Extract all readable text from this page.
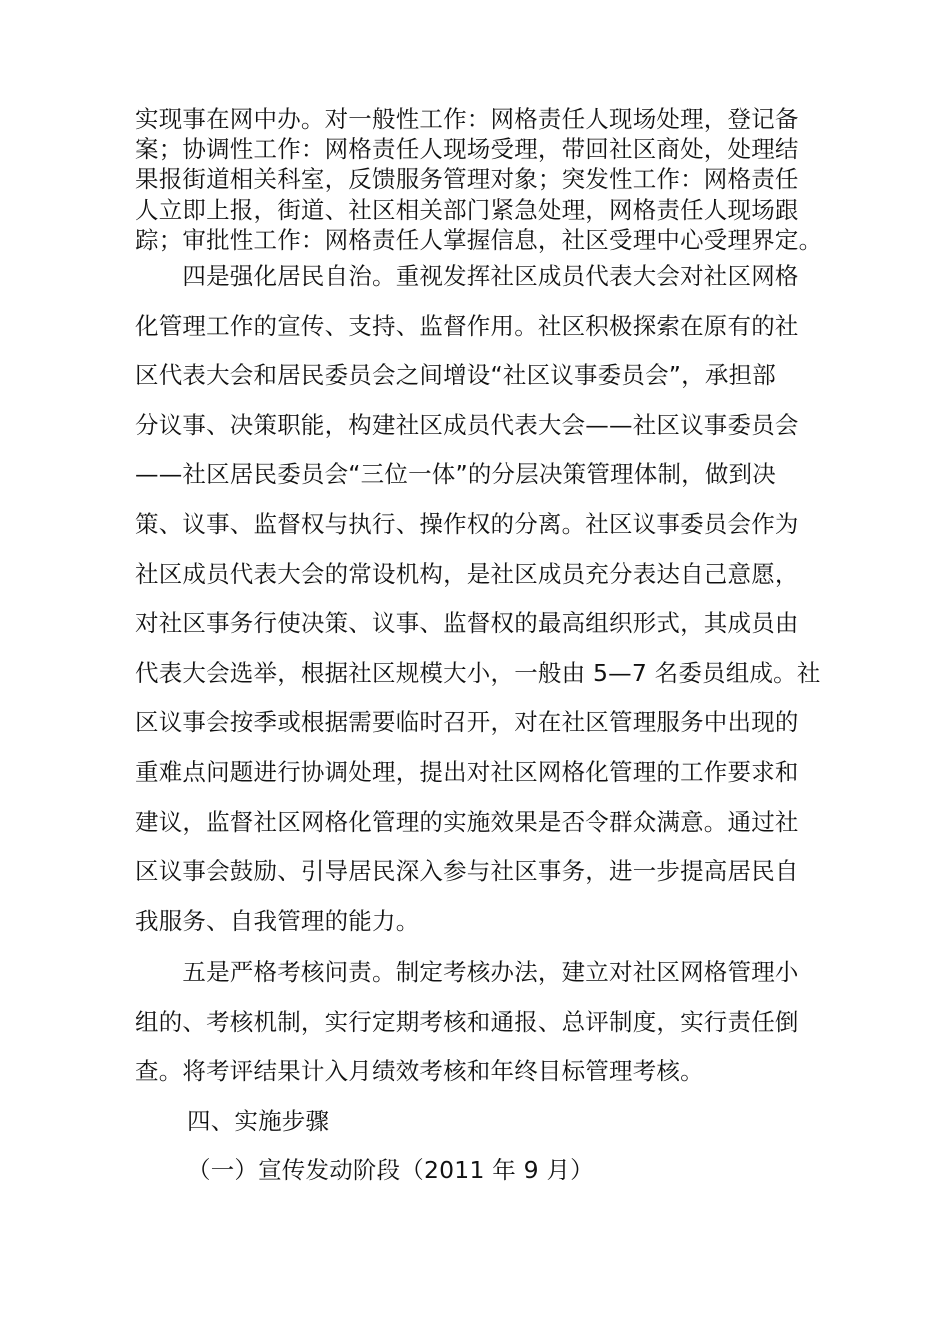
实现事在网中办。对一般性工作：网格责任人现场处理，登记备
案；协调性工作：网格责任人现场受理，带回社区商处，处理结
果报街道相关科室，反馈服务管理对象；突发性工作：网格责任
人立即上报，街道、社区相关部门紧急处理，网格责任人现场跟
踪；审批性工作：网格责任人掌握信息，社区受理中心受理界定。
　　四是强化居民自治。重视发挥社区成员代表大会对社区网格
化管理工作的宣传、支持、监督作用。社区积极探索在原有的社
区代表大会和居民委员会之间增设“社区议事委员会”，承担部
分议事、决策职能，构建社区成员代表大会——社区议事委员会
——社区居民委员会“三位一体”的分层决策管理体制，做到决
策、议事、监督权与执行、操作权的分离。社区议事委员会作为
社区成员代表大会的常设机构，是社区成员充分表达自己意愿，
对社区事务行使决策、议事、监督权的最高组织形式，其成员由
代表大会选举，根据社区规模大小，一般由 5—7 名委员组成。社
区议事会按季或根据需要临时召开，对在社区管理服务中出现的
重难点问题进行协调处理，提出对社区网格化管理的工作要求和
建议，监督社区网格化管理的实施效果是否令群众满意。通过社
区议事会鼓励、引导居民深入参与社区事务，进一步提高居民自
我服务、自我管理的能力。
　　五是严格考核问责。制定考核办法，建立对社区网格管理小
组的、考核机制，实行定期考核和通报、总评制度，实行责任倒
查。将考评结果计入月绩效考核和年终目标管理考核。
四、实施步骤
（一）宣传发动阶段（2011 年 9 月）
